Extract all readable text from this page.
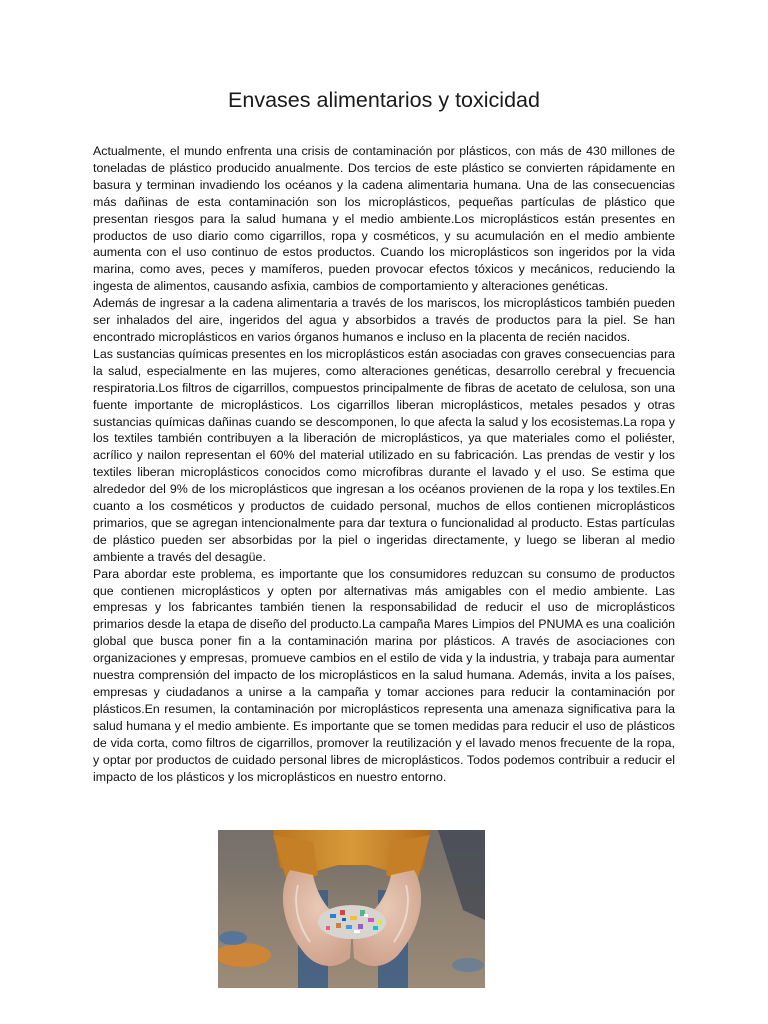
Envases alimentarios y toxicidad

Actualmente, el mundo enfrenta una crisis de contaminación por plásticos, con más de 430 millones de toneladas de plástico producido anualmente. Dos tercios de este plástico se convierten rápidamente en basura y terminan invadiendo los océanos y la cadena alimentaria humana. Una de las consecuencias más dañinas de esta contaminación son los microplásticos, pequeñas partículas de plástico que presentan riesgos para la salud humana y el medio ambiente.Los microplásticos están presentes en productos de uso diario como cigarrillos, ropa y cosméticos, y su acumulación en el medio ambiente aumenta con el uso continuo de estos productos. Cuando los microplásticos son ingeridos por la vida marina, como aves, peces y mamíferos, pueden provocar efectos tóxicos y mecánicos, reduciendo la ingesta de alimentos, causando asfixia, cambios de comportamiento y alteraciones genéticas.

Además de ingresar a la cadena alimentaria a través de los mariscos, los microplásticos también pueden ser inhalados del aire, ingeridos del agua y absorbidos a través de productos para la piel. Se han encontrado microplásticos en varios órganos humanos e incluso en la placenta de recién nacidos.

Las sustancias químicas presentes en los microplásticos están asociadas con graves consecuencias para la salud, especialmente en las mujeres, como alteraciones genéticas, desarrollo cerebral y frecuencia respiratoria.Los filtros de cigarrillos, compuestos principalmente de fibras de acetato de celulosa, son una fuente importante de microplásticos. Los cigarrillos liberan microplásticos, metales pesados y otras sustancias químicas dañinas cuando se descomponen, lo que afecta la salud y los ecosistemas.La ropa y los textiles también contribuyen a la liberación de microplásticos, ya que materiales como el poliéster, acrílico y nailon representan el 60% del material utilizado en su fabricación. Las prendas de vestir y los textiles liberan microplásticos conocidos como microfibras durante el lavado y el uso. Se estima que alrededor del 9% de los microplásticos que ingresan a los océanos provienen de la ropa y los textiles.En cuanto a los cosméticos y productos de cuidado personal, muchos de ellos contienen microplásticos primarios, que se agregan intencionalmente para dar textura o funcionalidad al producto. Estas partículas de plástico pueden ser absorbidas por la piel o ingeridas directamente, y luego se liberan al medio ambiente a través del desagüe.

Para abordar este problema, es importante que los consumidores reduzcan su consumo de productos que contienen microplásticos y opten por alternativas más amigables con el medio ambiente. Las empresas y los fabricantes también tienen la responsabilidad de reducir el uso de microplásticos primarios desde la etapa de diseño del producto.La campaña Mares Limpios del PNUMA es una coalición global que busca poner fin a la contaminación marina por plásticos. A través de asociaciones con organizaciones y empresas, promueve cambios en el estilo de vida y la industria, y trabaja para aumentar nuestra comprensión del impacto de los microplásticos en la salud humana. Además, invita a los países, empresas y ciudadanos a unirse a la campaña y tomar acciones para reducir la contaminación por plásticos.En resumen, la contaminación por microplásticos representa una amenaza significativa para la salud humana y el medio ambiente. Es importante que se tomen medidas para reducir el uso de plásticos de vida corta, como filtros de cigarrillos, promover la reutilización y el lavado menos frecuente de la ropa, y optar por productos de cuidado personal libres de microplásticos. Todos podemos contribuir a reducir el impacto de los plásticos y los microplásticos en nuestro entorno.
